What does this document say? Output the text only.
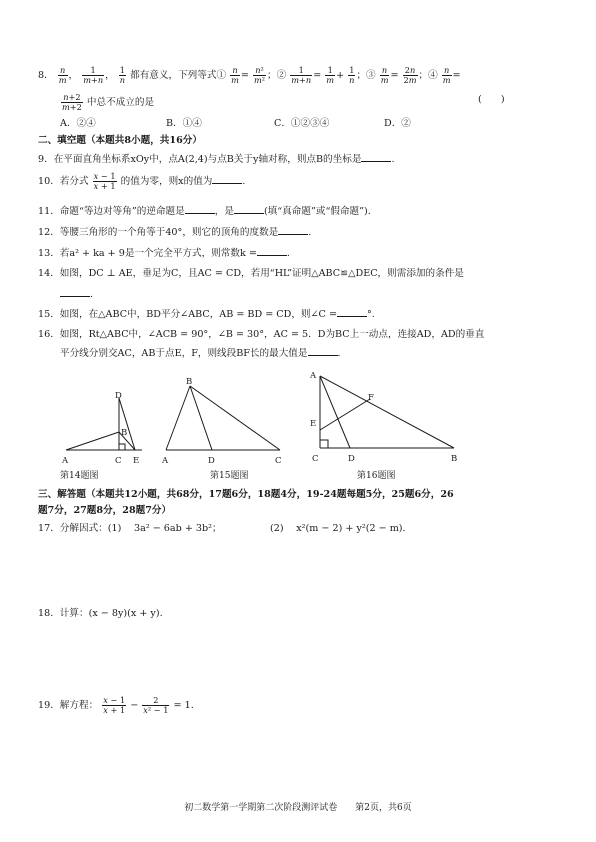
8． $\frac{n}{m}$ ， $\frac{1}{m+n}$ ， $\frac{1}{n}$ 都有意义，下列等式① $\frac{n}{m} = \frac{\text{n²}}{\text{m²}}$ ；② $\frac{1}{m+n} = \frac{1}{m} + \frac{1}{n}$ ；③ $\frac{n}{m} = \frac{2n}{2m}$ ；④ $\frac{n}{m}$ =
$\frac{n+2}{m+2}$ 中总不成立的是	(　　)
A．②④	B．①④	C．①②③④	D．②
二、填空题（本题共8小题，共16分）
9．在平面直角坐标系xOy中，点A(2,4)与点B关于y轴对称，则点B的坐标是	.
10．若分式 $\frac{x - 1}{x + 1}$ 的值为零，则x的值为	.
11．命题“等边对等角”的逆命题是	，是	(填“真命题”或“假命题”).
12．等腰三角形的一个角等于40°，则它的顶角的度数是	.
13．若a² + ka + 9是一个完全平方式，则常数k =	.
14．如图，DC ⊥ AE，垂足为C，且AC = CD，若用“HL”证明△ABC≌△DEC，则需添加的条件是
.
15．如图，在△ABC中，BD平分∠ABC，AB = BD = CD，则∠C =	°.
16．如图，Rt△ABC中，∠ACB = 90°，∠B = 30°，AC = 5．D为BC上一动点，连接AD，AD的垂直
平分线分别交AC，AB于点E，F，则线段BF长的最大值是	.
D
B
A	C E
B
A	D	C
A
F
E
C	D	B
第14题图	第15题图	第16题图
三、解答题（本题共12小题，共68分，17题6分，18题4分，19-24题每题5分，25题6分，26
题7分，27题8分，28题7分）
17．分解因式：(1)　 3a² − 6ab + 3b²；	(2)　 x²(m − 2) + y²(2 − m).
18．计算：(x − 8y)(x + y).
19．解方程： $\frac{x - 1}{x + 1} - \frac{2}{\text{x² − 1}} = 1$.
初二数学第一学期第二次阶段测评试卷　　第2页，共6页
